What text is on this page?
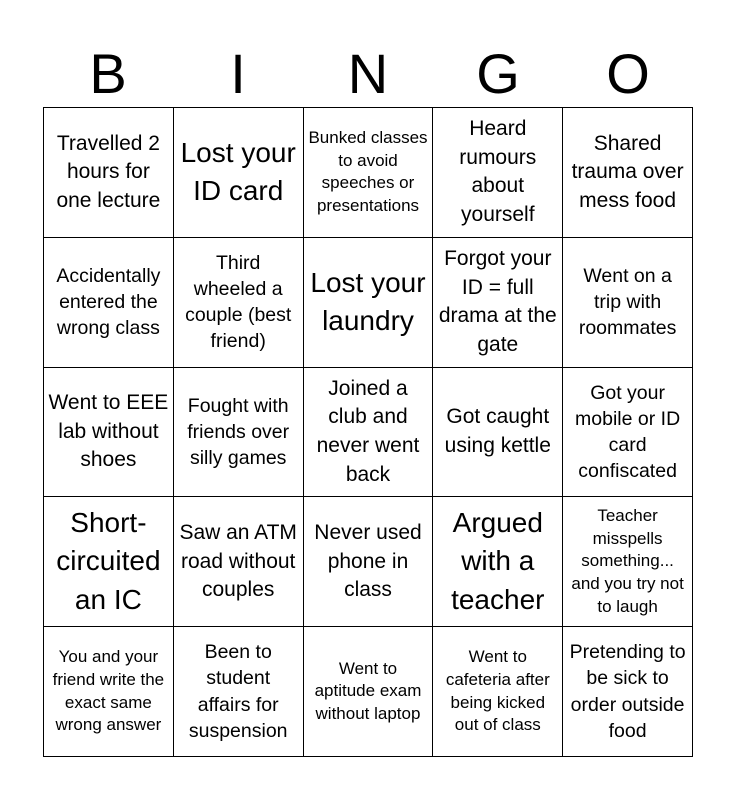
B	I	N	G	O
Travelled 2 hours for one lecture
Lost your ID card
Bunked classes to avoid speeches or presentations
Heard rumours about yourself
Shared trauma over mess food
Accidentally entered the wrong class
Third wheeled a couple (best friend)
Lost your laundry
Forgot your ID = full drama at the gate
Went on a trip with roommates
Went to EEE lab without shoes
Fought with friends over silly games
Joined a club and never went back
Got caught using kettle
Got your mobile or ID card confiscated
Short-circuited an IC
Saw an ATM road without couples
Never used phone in class
Argued with a teacher
Teacher misspells something... and you try not to laugh
You and your friend write the exact same wrong answer
Been to student affairs for suspension
Went to aptitude exam without laptop
Went to cafeteria after being kicked out of class
Pretending to be sick to order outside food
